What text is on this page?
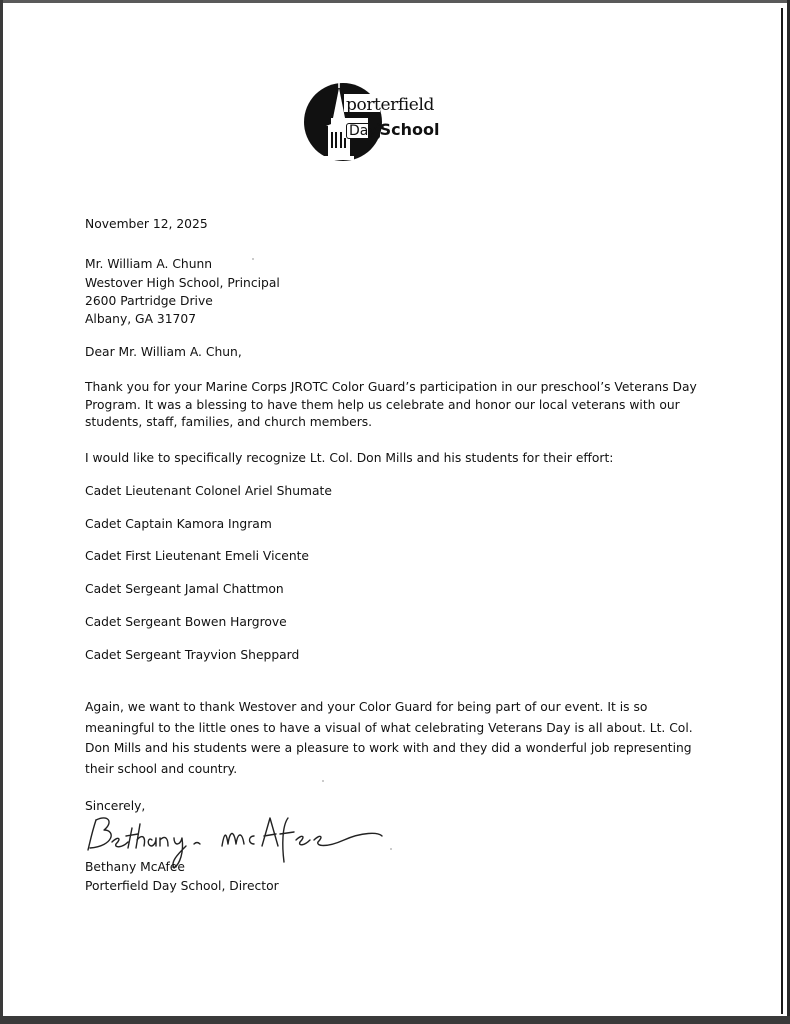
porterfield
Day School
November 12, 2025
Mr. William A. Chunn
Westover High School, Principal
2600 Partridge Drive
Albany, GA 31707
Dear Mr. William A. Chun,
Thank you for your Marine Corps JROTC Color Guard’s participation in our preschool’s Veterans Day Program. It was a blessing to have them help us celebrate and honor our local veterans with our students, staff, families, and church members.
I would like to specifically recognize Lt. Col. Don Mills and his students for their effort:
Cadet Lieutenant Colonel Ariel Shumate
Cadet Captain Kamora Ingram
Cadet First Lieutenant Emeli Vicente
Cadet Sergeant Jamal Chattmon
Cadet Sergeant Bowen Hargrove
Cadet Sergeant Trayvion Sheppard
Again, we want to thank Westover and your Color Guard for being part of our event. It is so meaningful to the little ones to have a visual of what celebrating Veterans Day is all about. Lt. Col. Don Mills and his students were a pleasure to work with and they did a wonderful job representing their school and country.
Sincerely,
Bethany McAfee
Porterfield Day School, Director
